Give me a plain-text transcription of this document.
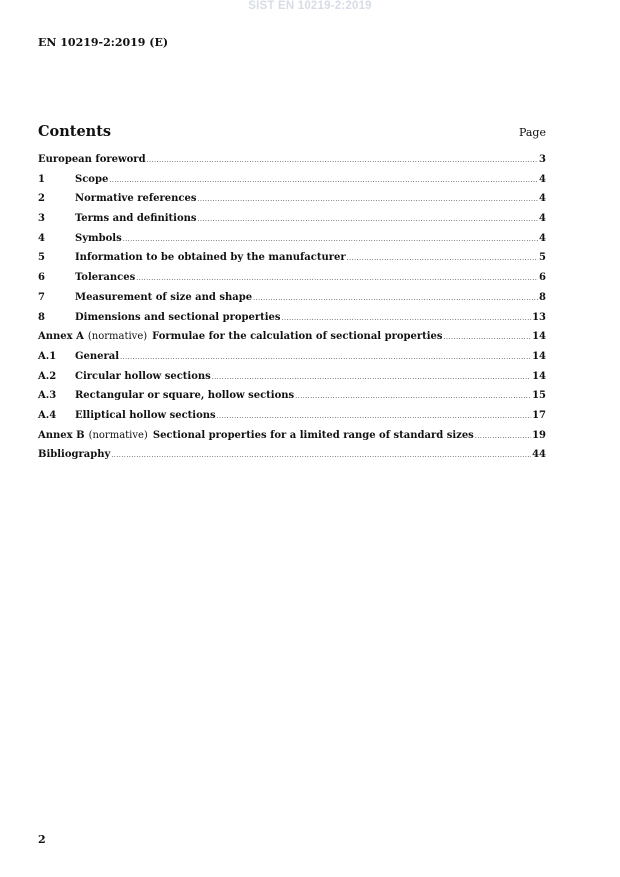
SIST EN 10219-2:2019
EN 10219-2:2019 (E)
Contents	Page
European foreword .....	3
1	Scope .....	4
2	Normative references .....	4
3	Terms and definitions .....	4
4	Symbols .....	4
5	Information to be obtained by the manufacturer .....	5
6	Tolerances .....	6
7	Measurement of size and shape .....	8
8	Dimensions and sectional properties .....	13
Annex A (normative) Formulae for the calculation of sectional properties .....	14
A.1	General .....	14
A.2	Circular hollow sections .....	14
A.3	Rectangular or square, hollow sections .....	15
A.4	Elliptical hollow sections .....	17
Annex B (normative) Sectional properties for a limited range of standard sizes .....	19
Bibliography .....	44
2
